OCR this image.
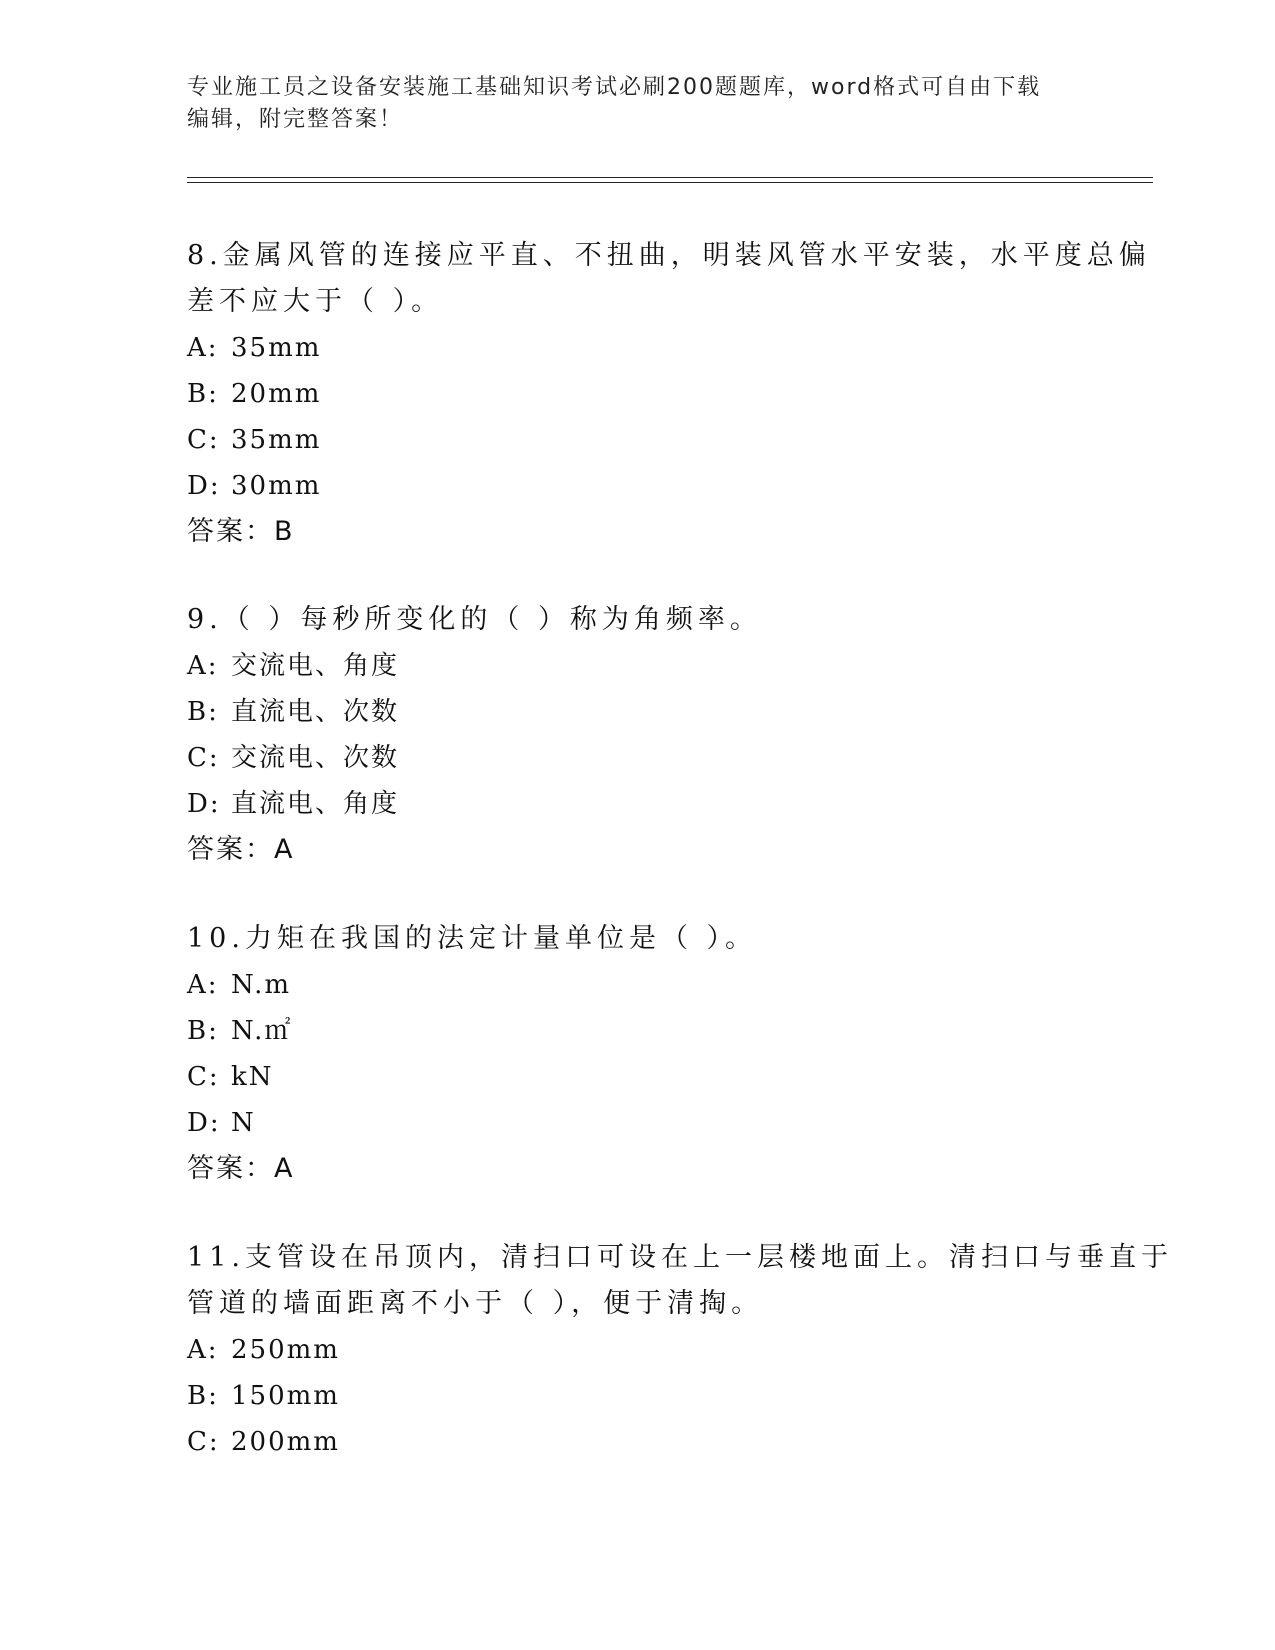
专业施工员之设备安装施工基础知识考试必刷200题题库，word格式可自由下载
编辑，附完整答案！
8.金属风管的连接应平直、不扭曲，明装风管水平安装，水平度总偏
差不应大于（ ）。
A: 35mm
B: 20mm
C: 35mm
D: 30mm
答案：B
9.（ ）每秒所变化的（ ）称为角频率。
A: 交流电、角度
B: 直流电、次数
C: 交流电、次数
D: 直流电、角度
答案：A
10.力矩在我国的法定计量单位是（ ）。
A: N.m
B: N.㎡
C: kN
D: N
答案：A
11.支管设在吊顶内，清扫口可设在上一层楼地面上。清扫口与垂直于
管道的墙面距离不小于（ ），便于清掏。
A: 250mm
B: 150mm
C: 200mm
